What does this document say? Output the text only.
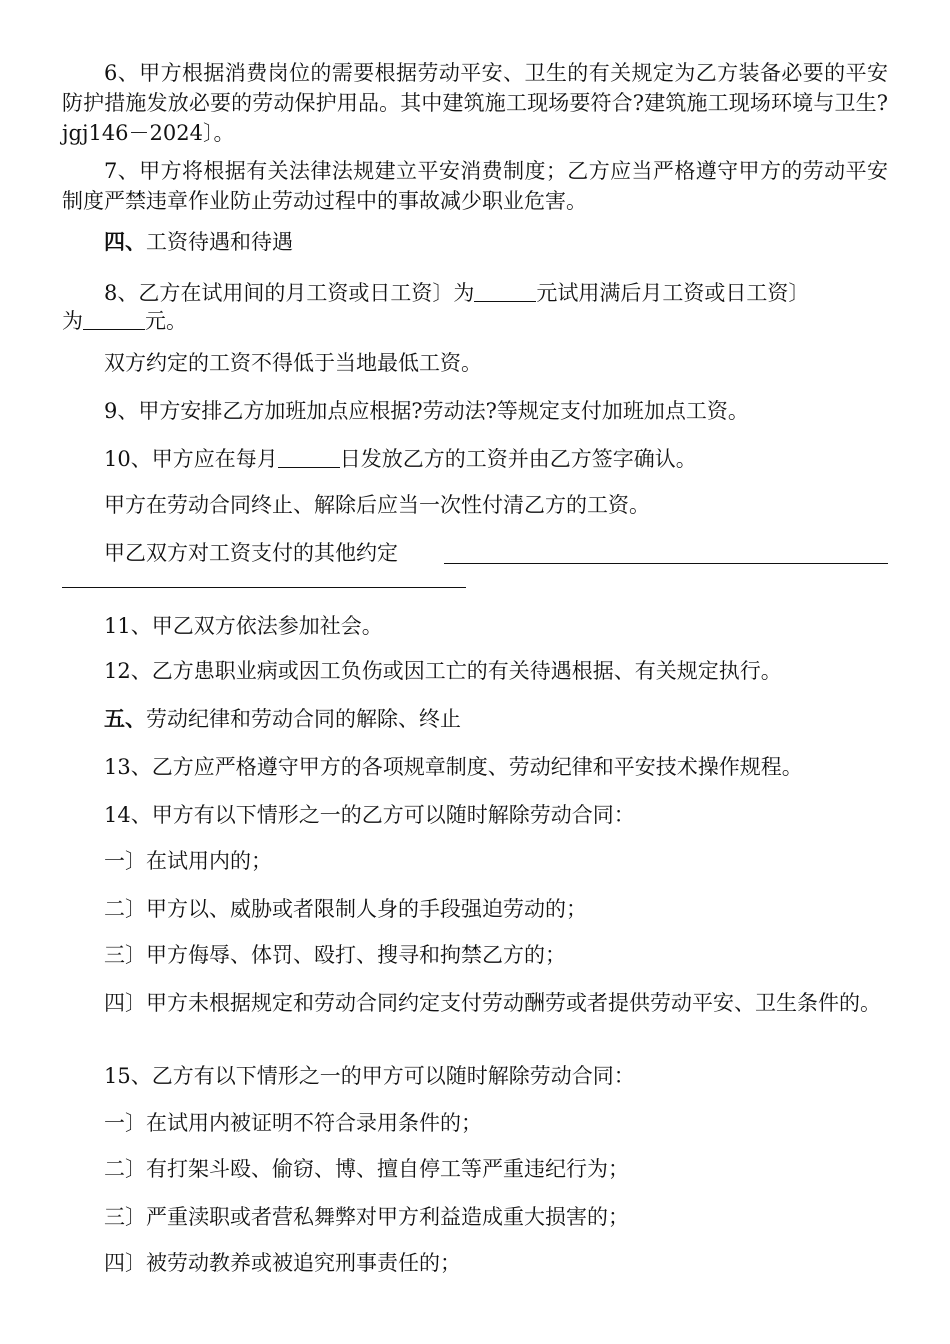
6、甲方根据消费岗位的需要根据劳动平安、卫生的有关规定为乙方装备必要的平安防护措施发放必要的劳动保护用品。其中建筑施工现场要符合?建筑施工现场环境与卫生?jgj146－2024〕。

7、甲方将根据有关法律法规建立平安消费制度；乙方应当严格遵守甲方的劳动平安制度严禁违章作业防止劳动过程中的事故减少职业危害。

四、工资待遇和待遇

8、乙方在试用间的月工资或日工资〕为	元试用满后月工资或日工资〕

为	元。

双方约定的工资不得低于当地最低工资。

9、甲方安排乙方加班加点应根据?劳动法?等规定支付加班加点工资。

10、甲方应在每月	日发放乙方的工资并由乙方签字确认。

甲方在劳动合同终止、解除后应当一次性付清乙方的工资。

甲乙双方对工资支付的其他约定

11、甲乙双方依法参加社会。

12、乙方患职业病或因工负伤或因工亡的有关待遇根据、有关规定执行。

五、劳动纪律和劳动合同的解除、终止

13、乙方应严格遵守甲方的各项规章制度、劳动纪律和平安技术操作规程。

14、甲方有以下情形之一的乙方可以随时解除劳动合同：

一〕在试用内的；

二〕甲方以、威胁或者限制人身的手段强迫劳动的；

三〕甲方侮辱、体罚、殴打、搜寻和拘禁乙方的；

四〕甲方未根据规定和劳动合同约定支付劳动酬劳或者提供劳动平安、卫生条件的。

15、乙方有以下情形之一的甲方可以随时解除劳动合同：

一〕在试用内被证明不符合录用条件的；

二〕有打架斗殴、偷窃、博、擅自停工等严重违纪行为；

三〕严重渎职或者营私舞弊对甲方利益造成重大损害的；

四〕被劳动教养或被追究刑事责任的；
